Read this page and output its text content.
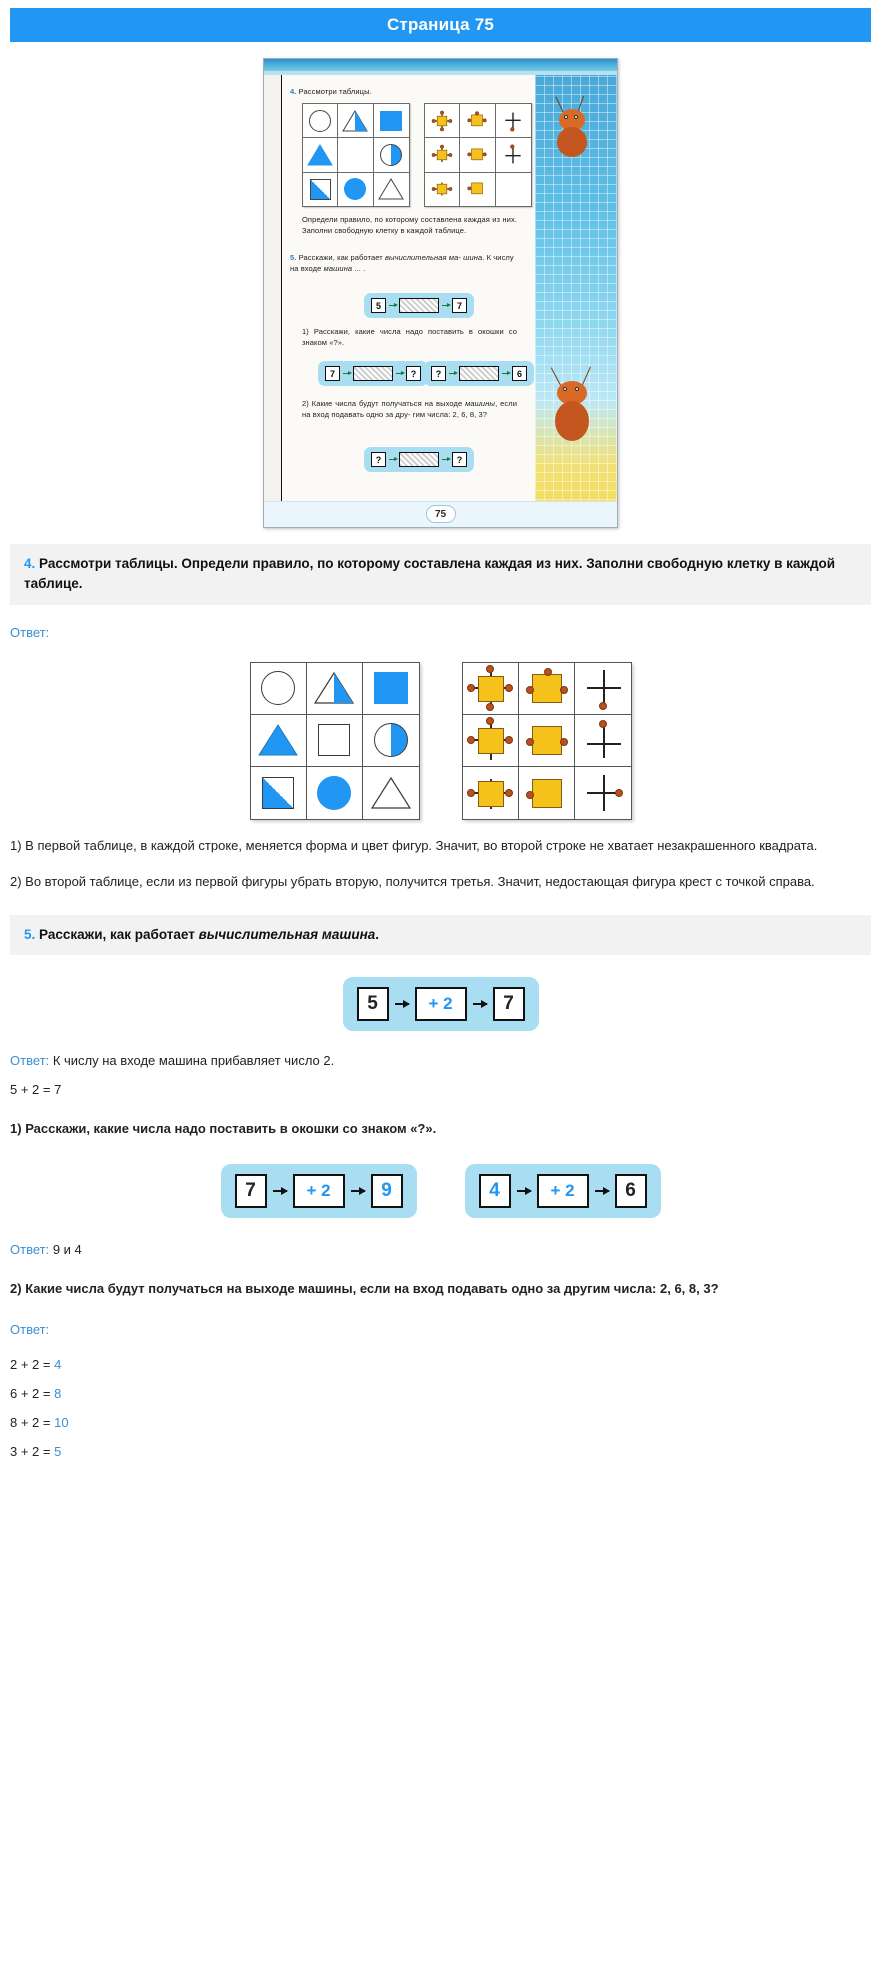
Страница 75
4. Рассмотри таблицы.
Определи правило, по которому составлена каждая из них. Заполни свободную клетку в каждой таблице.
5. Расскажи, как работает вычислительная ма- шина. К числу на входе машина ... .
5	7
1) Расскажи, какие числа надо поставить в окошки со знаком «?».
7	?	?	6
2) Какие числа будут получаться на выходе машины, если на вход подавать одно за дру- гим числа: 2, 6, 8, 3?
?	?
75
4. Рассмотри таблицы. Определи правило, по которому составлена каждая из них. Заполни свободную клетку в каждой таблице.
Ответ:
1) В первой таблице, в каждой строке, меняется форма и цвет фигур. Значит, во второй строке не хватает незакрашенного квадрата.
2) Во второй таблице, если из первой фигуры убрать вторую, получится третья. Значит, недостающая фигура крест с точкой справа.
5. Расскажи, как работает вычислительная машина.
5	+ 2	7
Ответ: К числу на входе машина прибавляет число 2.
5 + 2 = 7
1) Расскажи, какие числа надо поставить в окошки со знаком «?».
7	+ 2	9	4	+ 2	6
Ответ: 9 и 4
2) Какие числа будут получаться на выходе машины, если на вход подавать одно за другим числа: 2, 6, 8, 3?
Ответ:
2 + 2 = 4
6 + 2 = 8
8 + 2 = 10
3 + 2 = 5
